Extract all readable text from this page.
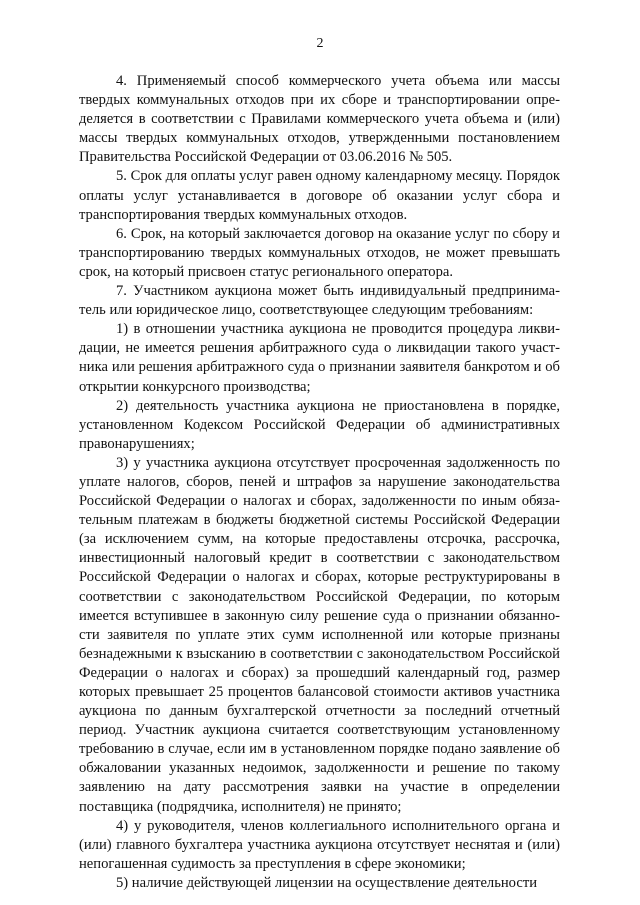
2

4. Применяемый способ коммерческого учета объема или массы твердых коммунальных отходов при их сборе и транспортировании определяется в соответствии с Правилами коммерческого учета объема и (или) массы твердых коммунальных отходов, утвержденными постановлением Правительства Российской Федерации от 03.06.2016 № 505.

5. Срок для оплаты услуг равен одному календарному месяцу. Порядок оплаты услуг устанавливается в договоре об оказании услуг сбора и транспортирования твердых коммунальных отходов.

6. Срок, на который заключается договор на оказание услуг по сбору и транспортированию твердых коммунальных отходов, не может превышать срок, на который присвоен статус регионального оператора.

7. Участником аукциона может быть индивидуальный предприниматель или юридическое лицо, соответствующее следующим требованиям:

1) в отношении участника аукциона не проводится процедура ликвидации, не имеется решения арбитражного суда о ликвидации такого участника или решения арбитражного суда о признании заявителя банкротом и об открытии конкурсного производства;

2) деятельность участника аукциона не приостановлена в порядке, установленном Кодексом Российской Федерации об административных правонарушениях;

3) у участника аукциона отсутствует просроченная задолженность по уплате налогов, сборов, пеней и штрафов за нарушение законодательства Российской Федерации о налогах и сборах, задолженности по иным обязательным платежам в бюджеты бюджетной системы Российской Федерации (за исключением сумм, на которые предоставлены отсрочка, рассрочка, инвестиционный налоговый кредит в соответствии с законодательством Российской Федерации о налогах и сборах, которые реструктурированы в соответствии с законодательством Российской Федерации, по которым имеется вступившее в законную силу решение суда о признании обязанности заявителя по уплате этих сумм исполненной или которые признаны безнадежными к взысканию в соответствии с законодательством Российской Федерации о налогах и сборах) за прошедший календарный год, размер которых превышает 25 процентов балансовой стоимости активов участника аукциона по данным бухгалтерской отчетности за последний отчетный период. Участник аукциона считается соответствующим установленному требованию в случае, если им в установленном порядке подано заявление об обжаловании указанных недоимок, задолженности и решение по такому заявлению на дату рассмотрения заявки на участие в определении поставщика (подрядчика, исполнителя) не принято;

4) у руководителя, членов коллегиального исполнительного органа и (или) главного бухгалтера участника аукциона отсутствует неснятая и (или) непогашенная судимость за преступления в сфере экономики;

5) наличие действующей лицензии на осуществление деятельности
